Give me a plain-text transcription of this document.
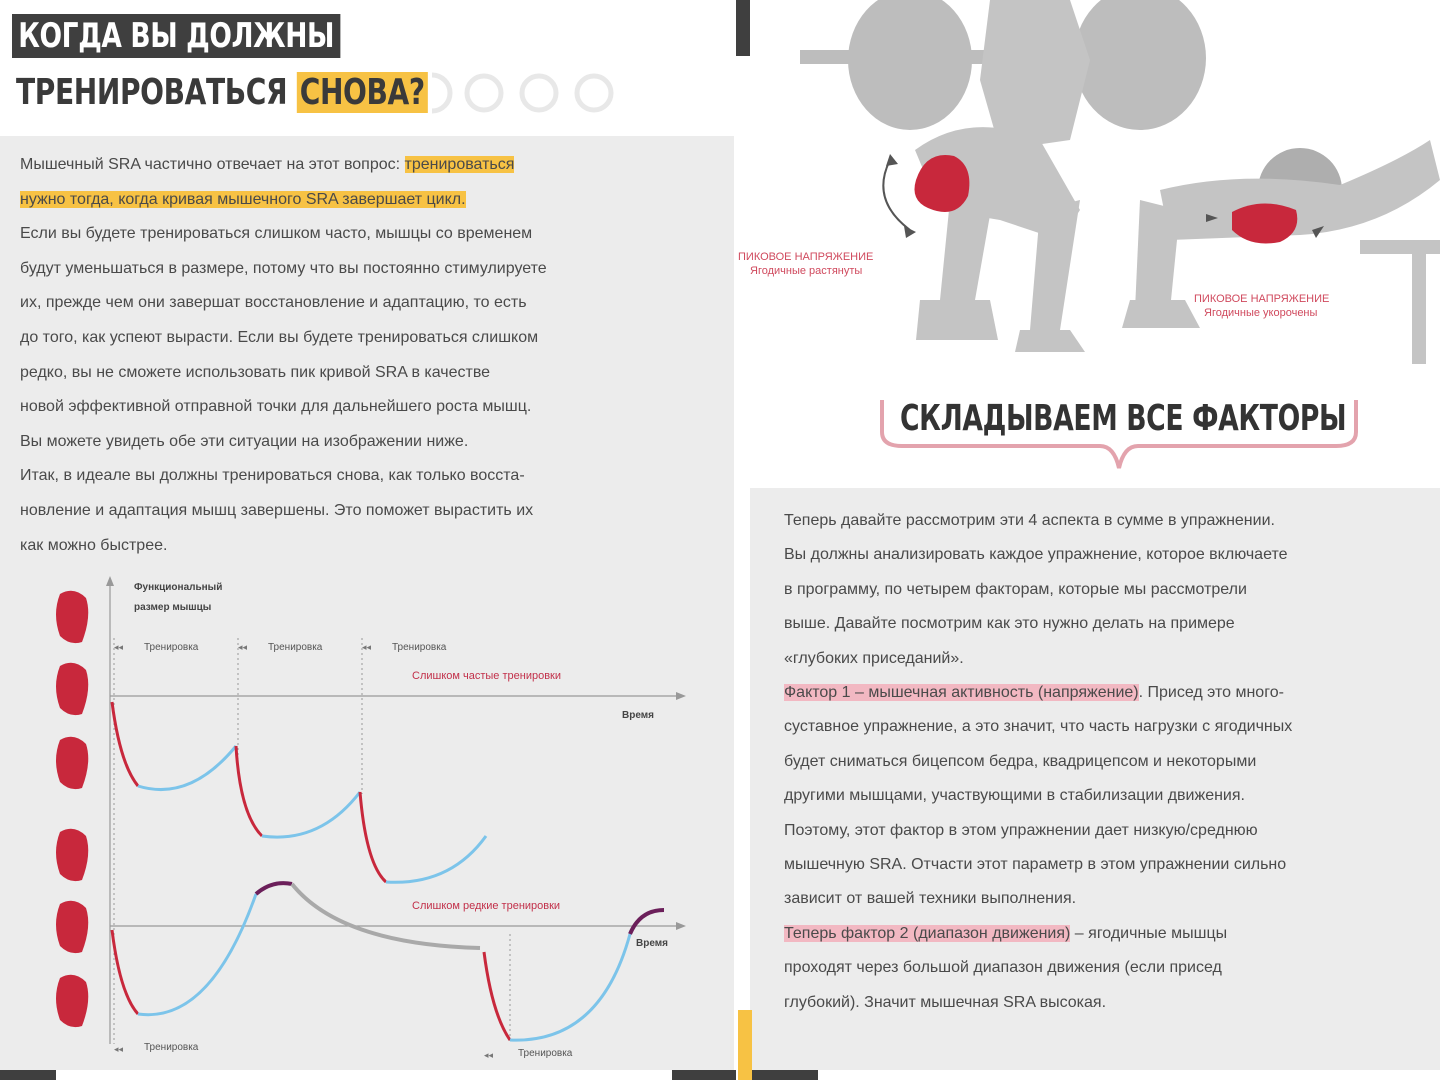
КОГДА ВЫ ДОЛЖНЫ
ТРЕНИРОВАТЬСЯ СНОВА?

Мышечный SRA частично отвечает на этот вопрос: тренироваться

нужно тогда, когда кривая мышечного SRA завершает цикл.

Если вы будете тренироваться слишком часто, мышцы со временем

будут уменьшаться в размере, потому что вы постоянно стимулируете

их, прежде чем они завершат восстановление и адаптацию, то есть

до того, как успеют вырасти. Если вы будете тренироваться слишком

редко, вы не сможете использовать пик кривой SRA в качестве

новой эффективной отправной точки для дальнейшего роста мышц.

Вы можете увидеть обе эти ситуации на изображении ниже.

Итак, в идеале вы должны тренироваться снова, как только восста-

новление и адаптация мышц завершены. Это поможет вырастить их

как можно быстрее.

◂◂	◂◂	◂◂
◂◂
◂◂
Функциональный
размер мышцы
Тренировка	Тренировка	Тренировка
Слишком частые тренировки
Время
Слишком редкие тренировки
Время
Тренировка
Тренировка
ПИКОВОЕ НАПРЯЖЕНИЕ
Ягодичные растянуты
ПИКОВОЕ НАПРЯЖЕНИЕ
Ягодичные укорочены
СКЛАДЫВАЕМ ВСЕ ФАКТОРЫ

Теперь давайте рассмотрим эти 4 аспекта в сумме в упражнении.

Вы должны анализировать каждое упражнение, которое включаете

в программу, по четырем факторам, которые мы рассмотрели

выше. Давайте посмотрим как это нужно делать на примере

«глубоких приседаний».

Фактор 1 – мышечная активность (напряжение). Присед это много-

суставное упражнение, а это значит, что часть нагрузки с ягодичных

будет сниматься бицепсом бедра, квадрицепсом и некоторыми

другими мышцами, участвующими в стабилизации движения.

Поэтому, этот фактор в этом упражнении дает низкую/среднюю

мышечную SRA. Отчасти этот параметр в этом упражнении сильно

зависит от вашей техники выполнения.

Теперь фактор 2 (диапазон движения) – ягодичные мышцы

проходят через большой диапазон движения (если присед

глубокий). Значит мышечная SRA высокая.
